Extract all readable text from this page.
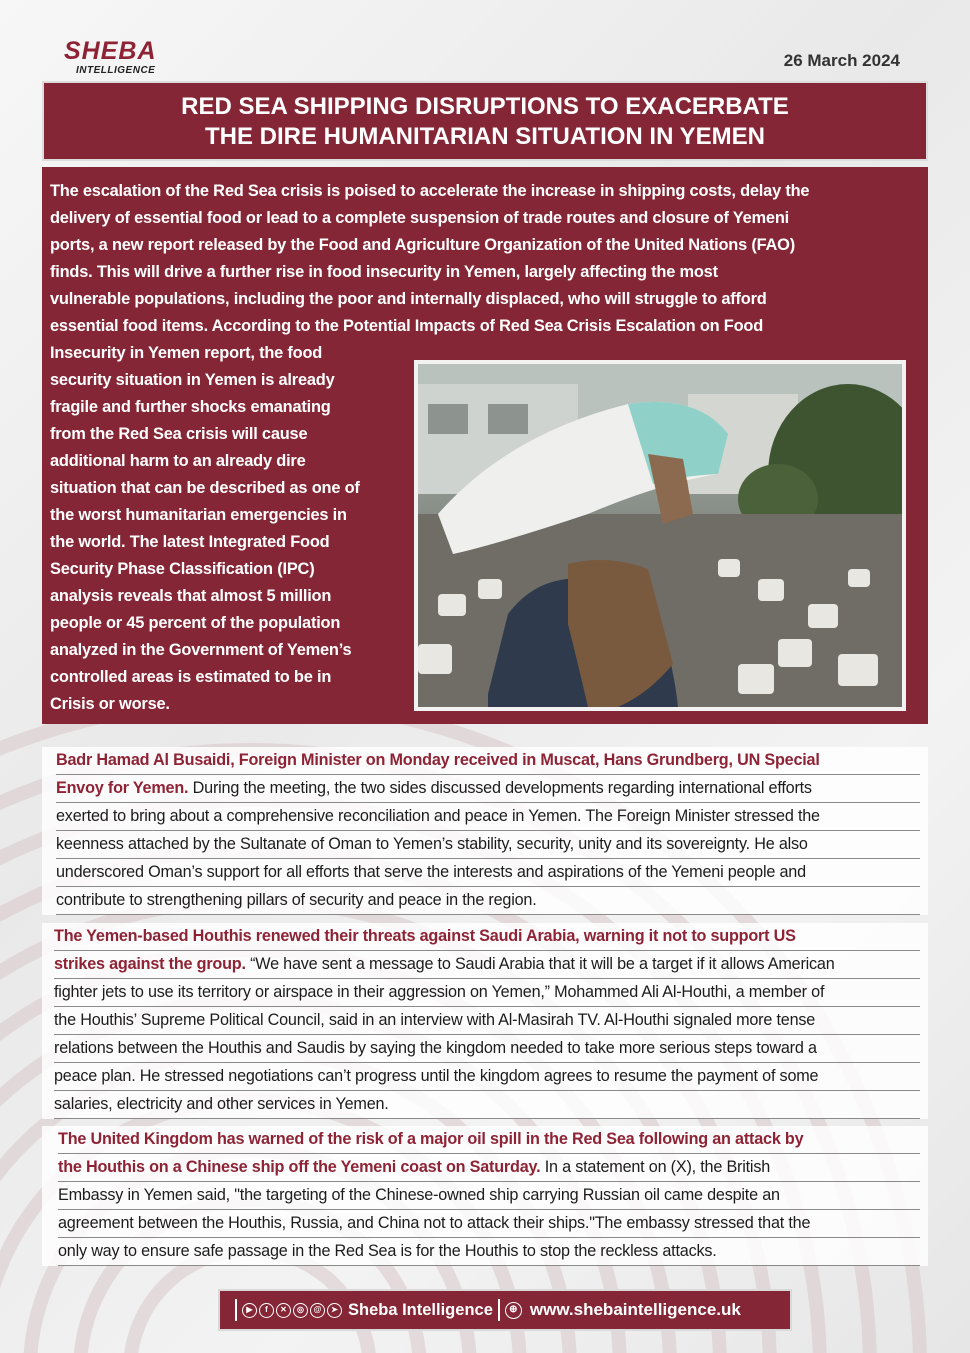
SHEBA
INTELLIGENCE
26 March 2024
RED SEA SHIPPING DISRUPTIONS TO EXACERBATE
THE DIRE HUMANITARIAN SITUATION IN YEMEN
The escalation of the Red Sea crisis is poised to accelerate the increase in shipping costs, delay the
delivery of essential food or lead to a complete suspension of trade routes and closure of Yemeni
ports, a new report released by the Food and Agriculture Organization of the United Nations (FAO)
finds. This will drive a further rise in food insecurity in Yemen, largely affecting the most
vulnerable populations, including the poor and internally displaced, who will struggle to afford
essential food items. According to the Potential Impacts of Red Sea Crisis Escalation on Food
Insecurity in Yemen report, the food
security situation in Yemen is already
fragile and further shocks emanating
from the Red Sea crisis will cause
additional harm to an already dire
situation that can be described as one of
the worst humanitarian emergencies in
the world. The latest Integrated Food
Security Phase Classification (IPC)
analysis reveals that almost 5 million
people or 45 percent of the population
analyzed in the Government of Yemen’s
controlled areas is estimated to be in
Crisis or worse.
Badr Hamad Al Busaidi, Foreign Minister on Monday received in Muscat, Hans Grundberg, UN Special
Envoy for Yemen. During the meeting, the two sides discussed developments regarding international efforts
exerted to bring about a comprehensive reconciliation and peace in Yemen. The Foreign Minister stressed the
keenness attached by the Sultanate of Oman to Yemen’s stability, security, unity and its sovereignty. He also
underscored Oman’s support for all efforts that serve the interests and aspirations of the Yemeni people and
contribute to strengthening pillars of security and peace in the region.
The Yemen-based Houthis renewed their threats against Saudi Arabia, warning it not to support US
strikes against the group. “We have sent a message to Saudi Arabia that it will be a target if it allows American
fighter jets to use its territory or airspace in their aggression on Yemen,” Mohammed Ali Al-Houthi, a member of
the Houthis’ Supreme Political Council, said in an interview with Al-Masirah TV. Al-Houthi signaled more tense
relations between the Houthis and Saudis by saying the kingdom needed to take more serious steps toward a
peace plan. He stressed negotiations can’t progress until the kingdom agrees to resume the payment of some
salaries, electricity and other services in Yemen.
The United Kingdom has warned of the risk of a major oil spill in the Red Sea following an attack by
the Houthis on a Chinese ship off the Yemeni coast on Saturday. In a statement on (X), the British
Embassy in Yemen said, "the targeting of the Chinese-owned ship carrying Russian oil came despite an
agreement between the Houthis, Russia, and China not to attack their ships."The embassy stressed that the
only way to ensure safe passage in the Red Sea is for the Houthis to stop the reckless attacks.
▶	f	✕	◎	@	➤ Sheba Intelligence	⊕ www.shebaintelligence.uk
